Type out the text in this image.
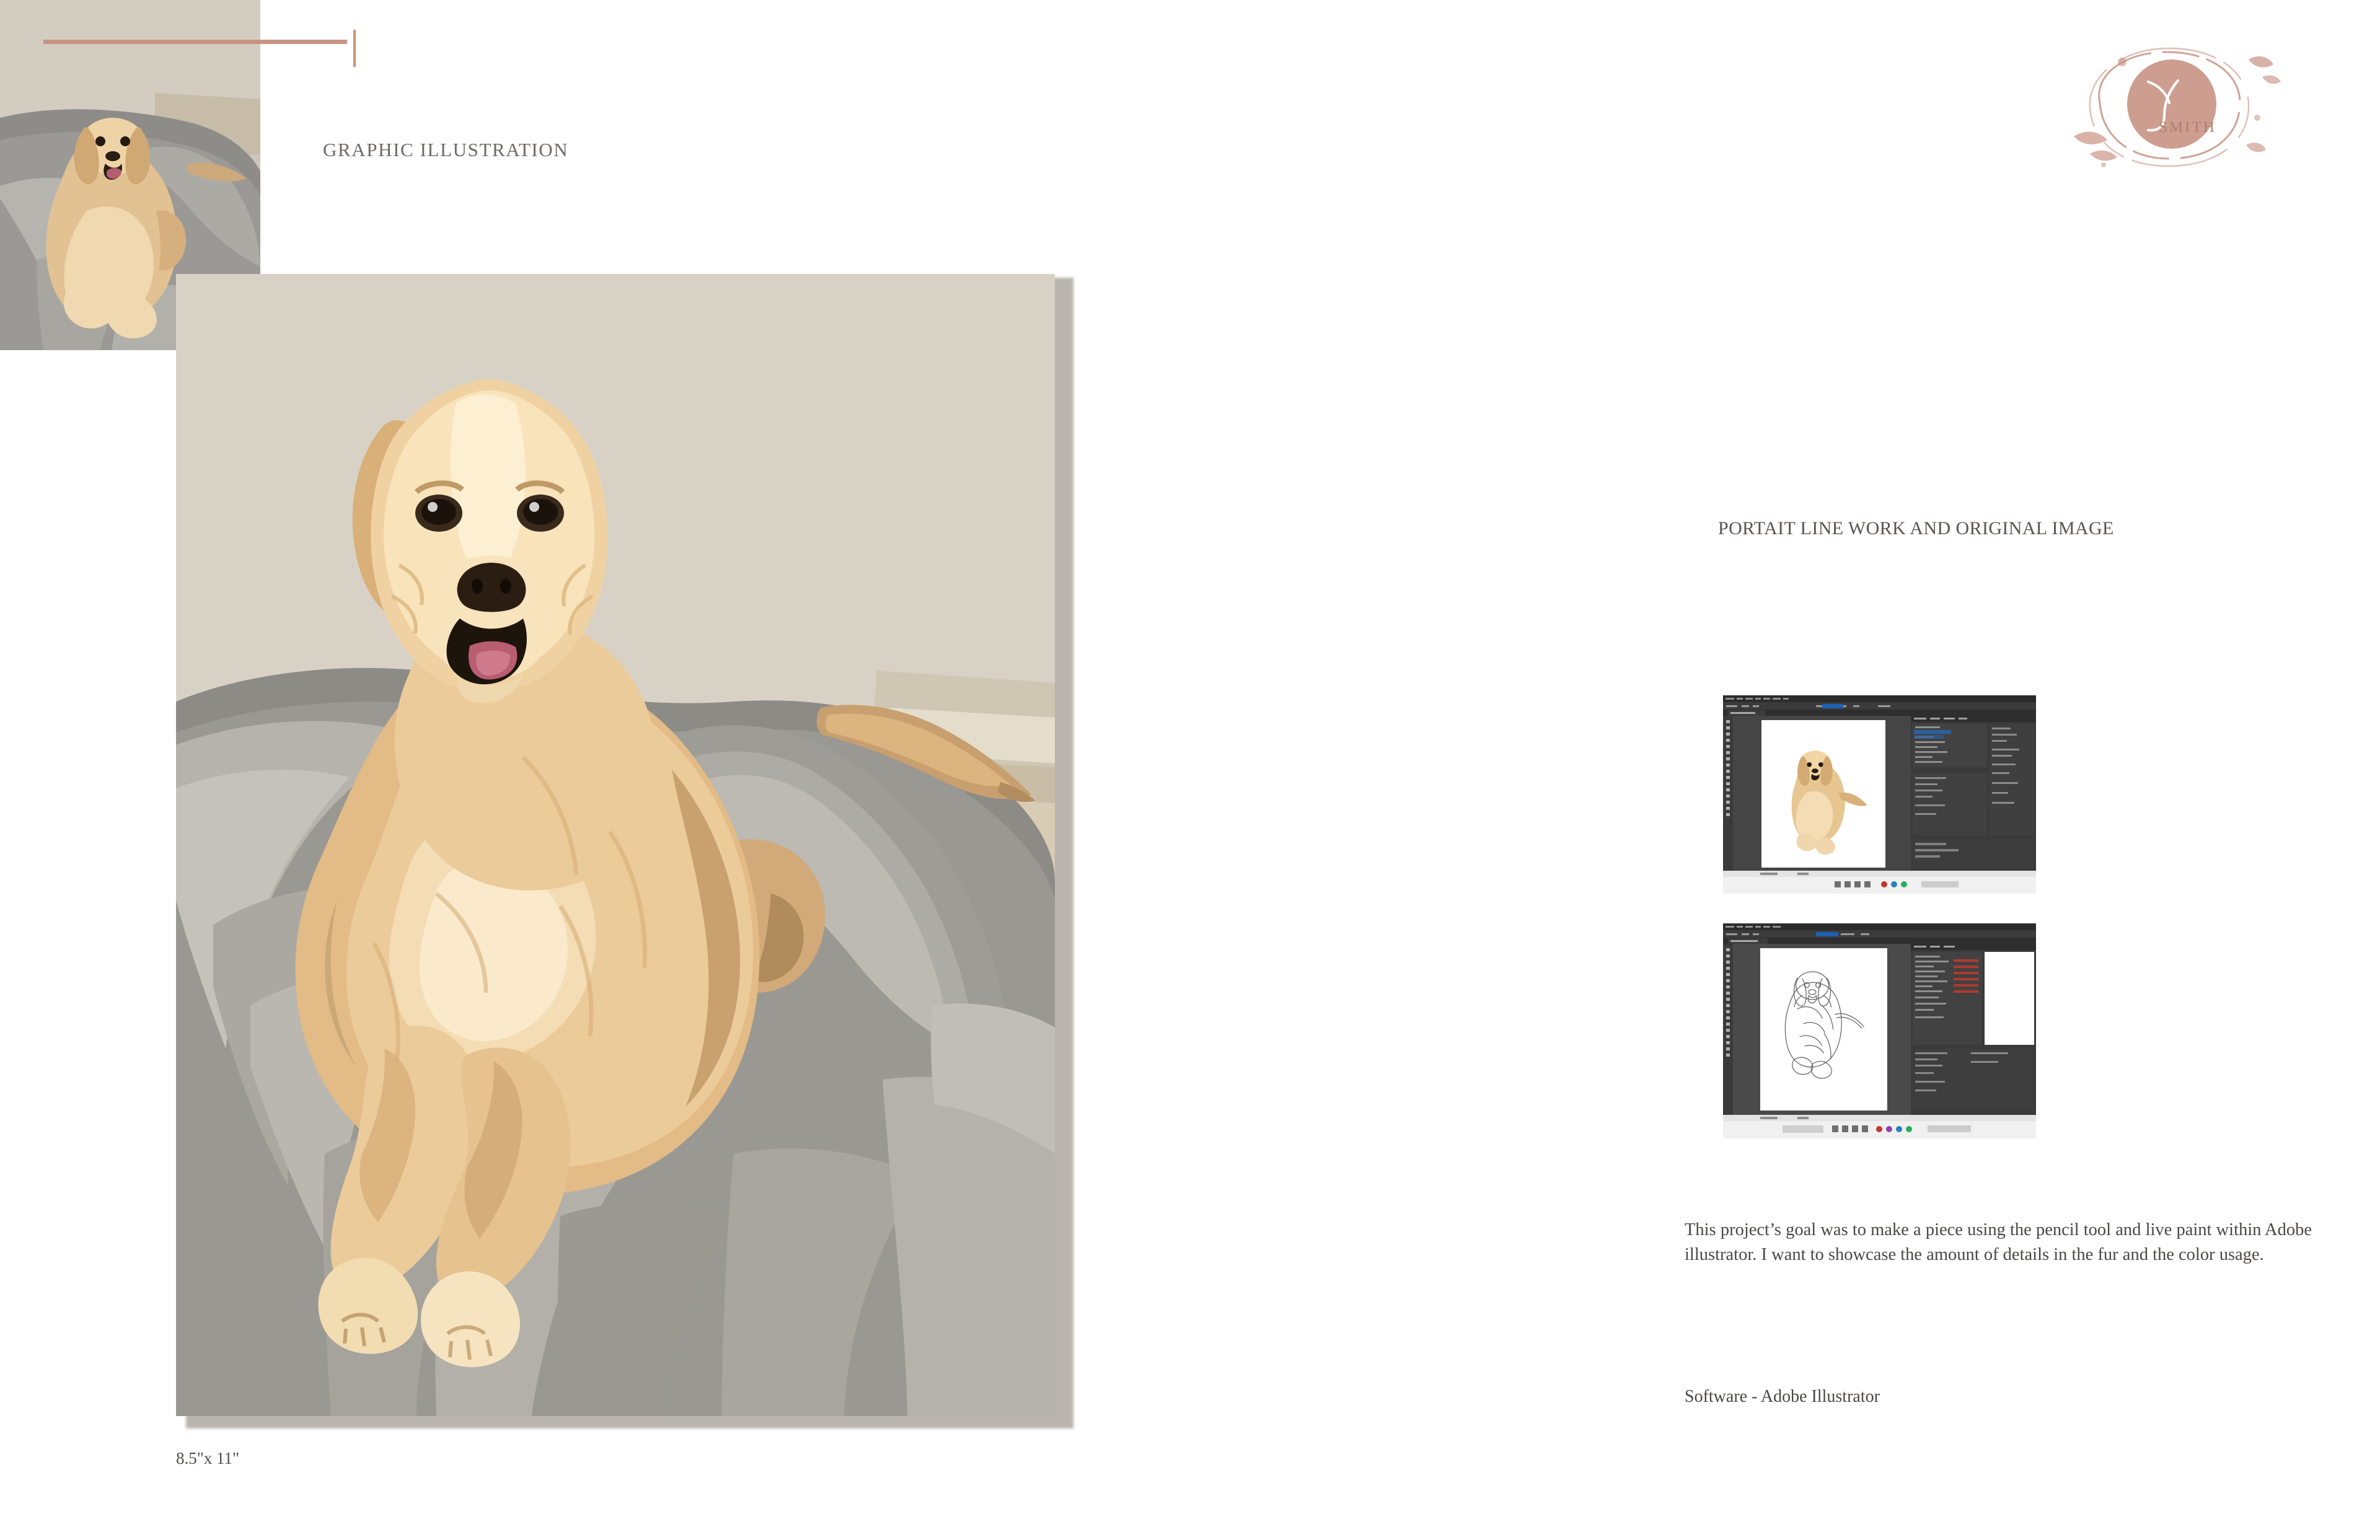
GRAPHIC ILLUSTRATION
SMITH
8.5"x 11"
PORTAIT LINE WORK AND ORIGINAL IMAGE
This project’s goal was to make a piece using the pencil tool and live paint within Adobe illustrator. I want to showcase the amount of details in the fur and the color usage.
Software - Adobe Illustrator
